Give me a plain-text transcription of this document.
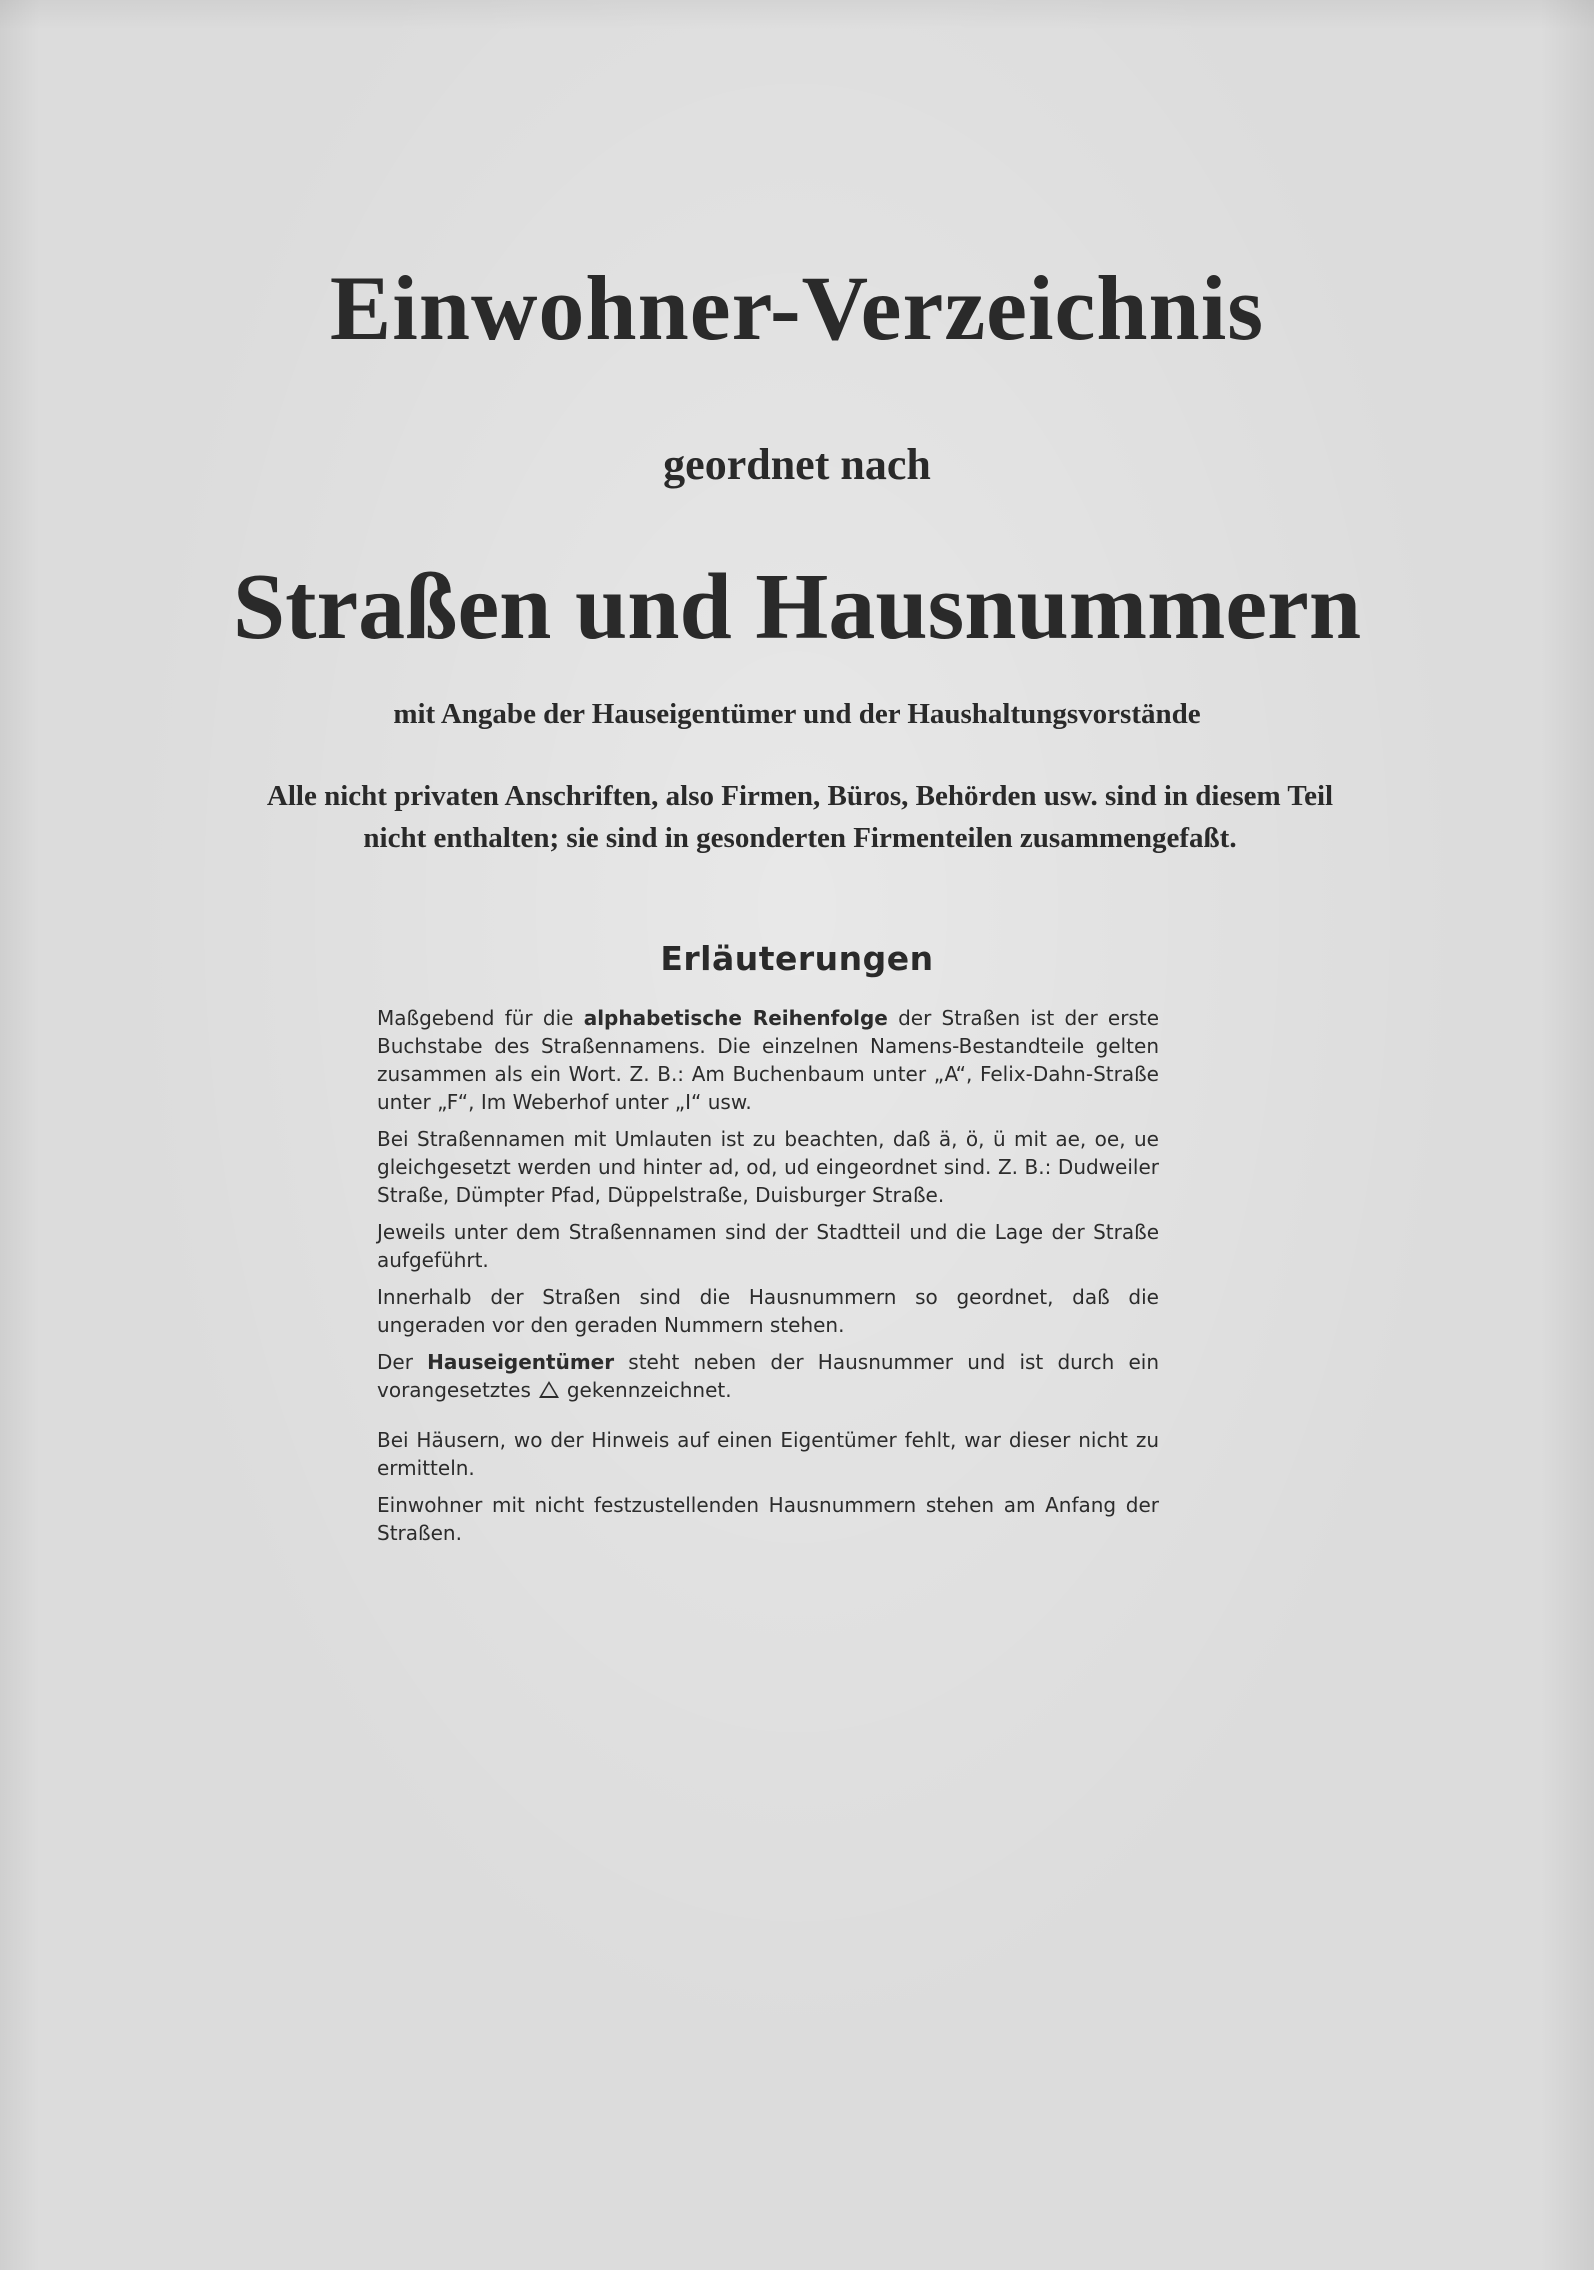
Einwohner-Verzeichnis
geordnet nach
Straßen und Hausnummern
mit Angabe der Hauseigentümer und der Haushaltungsvorstände
Alle nicht privaten Anschriften, also Firmen, Büros, Behörden usw. sind in diesem Teil
nicht enthalten; sie sind in gesonderten Firmenteilen zusammengefaßt.
Erläuterungen

Maßgebend für die alphabetische Reihenfolge der Straßen ist der erste Buchstabe des Straßennamens. Die einzelnen Namens-Bestandteile gelten zusammen als ein Wort. Z. B.: Am Buchenbaum unter „A“, Felix-Dahn-Straße unter „F“, Im Weberhof unter „I“ usw.

Bei Straßennamen mit Umlauten ist zu beachten, daß ä, ö, ü mit ae, oe, ue gleichgesetzt werden und hinter ad, od, ud eingeordnet sind. Z. B.: Dudweiler Straße, Dümpter Pfad, Düppelstraße, Duisburger Straße.

Jeweils unter dem Straßennamen sind der Stadtteil und die Lage der Straße aufgeführt.

Innerhalb der Straßen sind die Hausnummern so geordnet, daß die ungeraden vor den geraden Nummern stehen.

Der Hauseigentümer steht neben der Hausnummer und ist durch ein vorangesetztes gekennzeichnet.

Bei Häusern, wo der Hinweis auf einen Eigentümer fehlt, war dieser nicht zu ermitteln.

Einwohner mit nicht festzustellenden Hausnummern stehen am Anfang der Straßen.
